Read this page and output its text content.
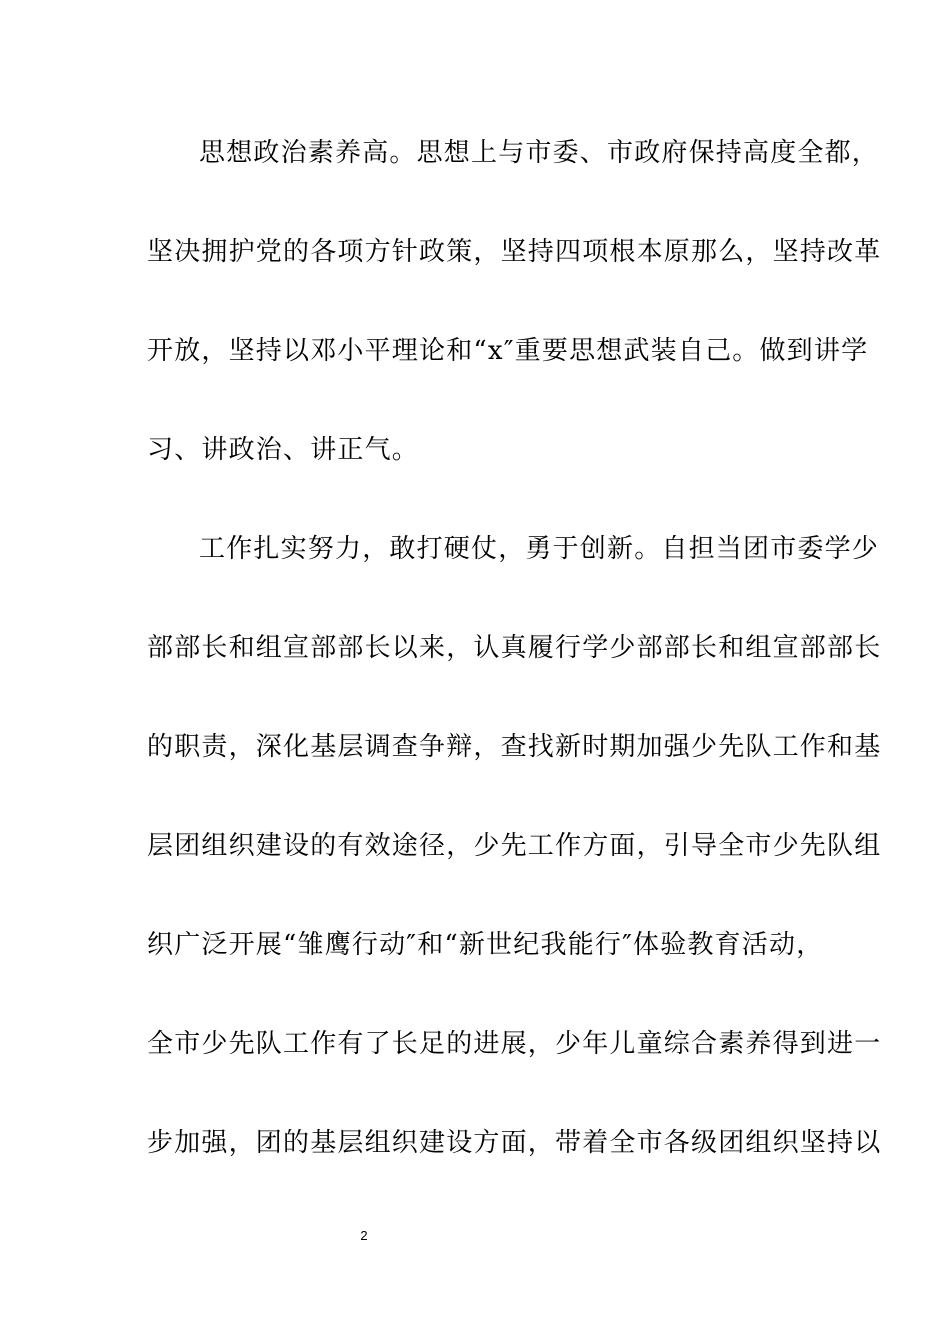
思想政治素养高。思想上与市委、市政府保持高度全都，
坚决拥护党的各项方针政策，坚持四项根本原那么，坚持改革
开放，坚持以邓小平理论和“x″重要思想武装自己。做到讲学
习、讲政治、讲正气。
工作扎实努力，敢打硬仗，勇于创新。自担当团市委学少
部部长和组宣部部长以来，认真履行学少部部长和组宣部部长
的职责，深化基层调查争辩，查找新时期加强少先队工作和基
层团组织建设的有效途径，少先工作方面，引导全市少先队组
织广泛开展“雏鹰行动″和“新世纪我能行″体验教育活动，
全市少先队工作有了长足的进展，少年儿童综合素养得到进一
步加强，团的基层组织建设方面，带着全市各级团组织坚持以
2
